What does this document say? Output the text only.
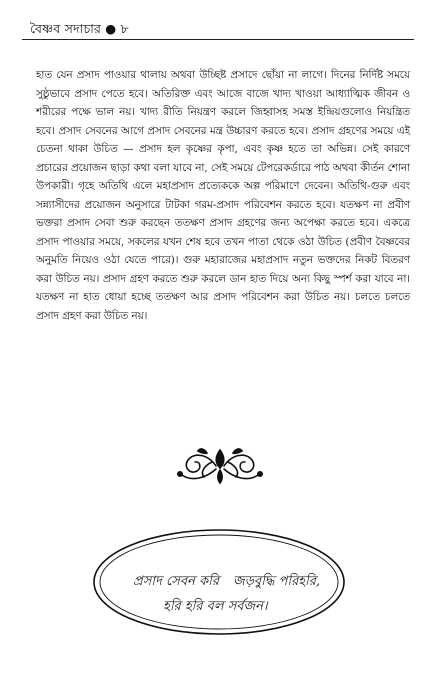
বৈষ্ণব সদাচার ● ৮

হাত যেন প্রসাদ পাওয়ার থালায় অথবা উচ্ছিষ্ট প্রসাদে ছোঁয়া না লাগে। দিনের নির্দিষ্ট সময়ে সুষ্ঠুভাবে প্রসাদ পেতে হবে। অতিরিক্ত এবং আজে বাজে খাদ্য খাওয়া আধ্যাত্মিক জীবন ও শরীরের পক্ষে ভাল নয়। খাদ্য রীতি নিয়ন্ত্রণ করলে জিহ্বাসহ সমস্ত ইন্দ্রিয়গুলোও নিয়ন্ত্রিত হবে। প্রসাদ সেবনের আগে প্রসাদ সেবনের মন্ত্র উচ্চারণ করতে হবে। প্রসাদ গ্রহণের সময়ে এই চেতনা থাকা উচিত — প্রসাদ হল কৃষ্ণের কৃপা, এবং কৃষ্ণ হতে তা অভিন্ন। সেই কারণে প্রচারের প্রয়োজন ছাড়া কথা বলা যাবে না, সেই সময়ে টেপরেকর্ডারে পাঠ অথবা কীর্তন শোনা উপকারী। গৃহে অতিথি এলে মহাপ্রসাদ প্রত্যেককে অল্প পরিমাণে দেবেন। অতিথি-গুরু এবং সন্ন্যাসীদের প্রয়োজন অনুসারে টাটকা গরম-প্রসাদ পরিবেশন করতে হবে। যতক্ষণ না প্রবীণ ভক্তরা প্রসাদ সেবা শুরু করছেন ততক্ষণ প্রসাদ গ্রহণের জন্য অপেক্ষা করতে হবে। একত্রে প্রসাদ পাওয়ার সময়ে, সকলের যখন শেষ হবে তখন পাতা থেকে ওঠা উচিত (প্রবীণ বৈষ্ণবের অনুমতি নিয়েও ওঠা যেতে পারে)। গুরু মহারাজের মহাপ্রসাদ নতুন ভক্তদের নিকট বিতরণ করা উচিত নয়। প্রসাদ গ্রহণ করতে শুরু করলে ডান হাত দিয়ে অন্য কিছু স্পর্শ করা যাবে না। যতক্ষণ না হাত ধোয়া হচ্ছে ততক্ষণ আর প্রসাদ পরিবেশন করা উচিত নয়। চলতে চলতে প্রসাদ গ্রহণ করা উচিত নয়।

প্রসাদ সেবন করি জড়বুদ্ধি পরিহরি,
হরি হরি বল সর্বজন।
